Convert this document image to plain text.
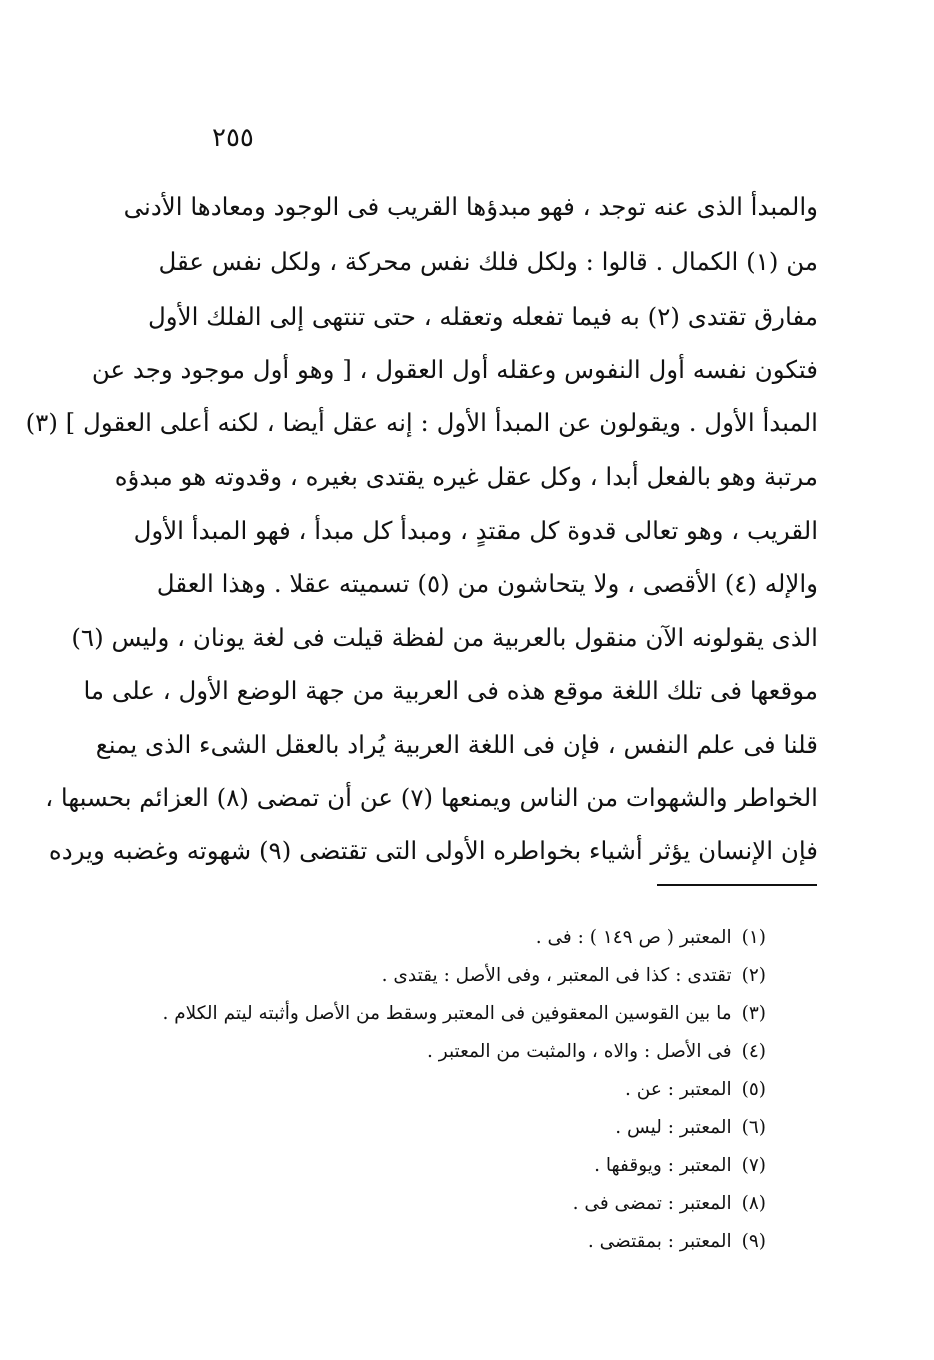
٢٥٥
والمبدأ الذى عنه توجد ، فهو مبدؤها القريب فى الوجود ومعادها الأدنى
من (١) الكمال . قالوا : ولكل فلك نفس محركة ، ولكل نفس عقل
مفارق تقتدى (٢) به فيما تفعله وتعقله ، حتى تنتهى إلى الفلك الأول
فتكون نفسه أول النفوس وعقله أول العقول ، [ وهو أول موجود وجد عن
المبدأ الأول . ويقولون عن المبدأ الأول : إنه عقل أيضا ، لكنه أعلى العقول ] (٣)
مرتبة وهو بالفعل أبدا ، وكل عقل غيره يقتدى بغيره ، وقدوته هو مبدؤه
القريب ، وهو تعالى قدوة كل مقتدٍ ، ومبدأ كل مبدأ ، فهو المبدأ الأول
والإله (٤) الأقصى ، ولا يتحاشون من (٥) تسميته عقلا . وهذا العقل
الذى يقولونه الآن منقول بالعربية من لفظة قيلت فى لغة يونان ، وليس (٦)
موقعها فى تلك اللغة موقع هذه فى العربية من جهة الوضع الأول ، على ما
قلنا فى علم النفس ، فإن فى اللغة العربية يُراد بالعقل الشىء الذى يمنع
الخواطر والشهوات من الناس ويمنعها (٧) عن أن تمضى (٨) العزائم بحسبها ،
فإن الإنسان يؤثر أشياء بخواطره الأولى التى تقتضى (٩) شهوته وغضبه ويرده
(١)المعتبر ( ص ١٤٩ ) : فى .
(٢)تقتدى : كذا فى المعتبر ، وفى الأصل : يقتدى .
(٣)ما بين القوسين المعقوفين فى المعتبر وسقط من الأصل وأثبته ليتم الكلام .
(٤)فى الأصل : والاه ، والمثبت من المعتبر .
(٥)المعتبر : عن .
(٦)المعتبر : ليس .
(٧)المعتبر : ويوقفها .
(٨)المعتبر : تمضى فى .
(٩)المعتبر : بمقتضى .
